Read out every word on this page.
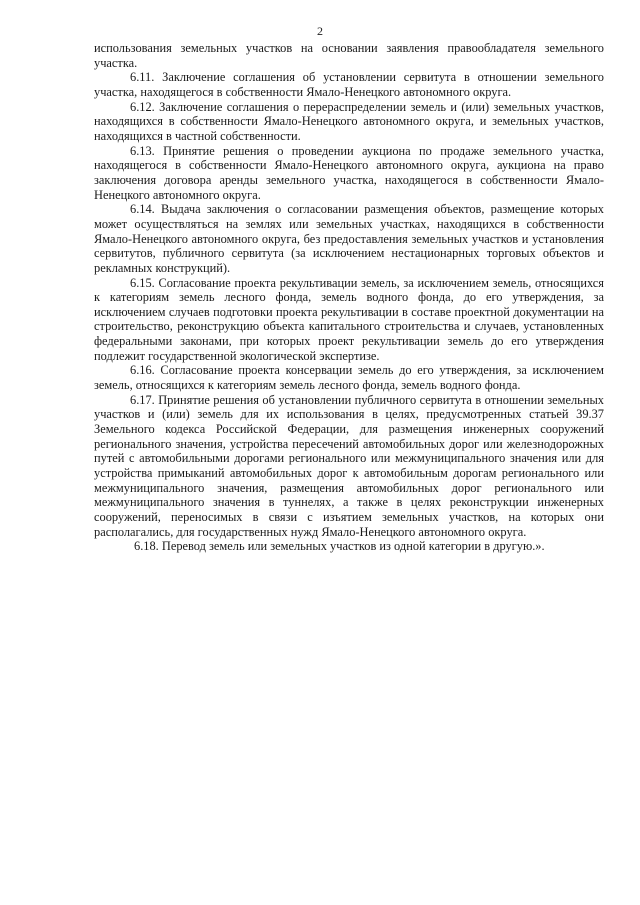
2

использования земельных участков на основании заявления правообладателя земельного участка.

6.11. Заключение соглашения об установлении сервитута в отношении земельного участка, находящегося в собственности Ямало-Ненецкого автономного округа.

6.12. Заключение соглашения о перераспределении земель и (или) земельных участков, находящихся в собственности Ямало-Ненецкого автономного округа, и земельных участков, находящихся в частной собственности.

6.13. Принятие решения о проведении аукциона по продаже земельного участка, находящегося в собственности Ямало-Ненецкого автономного округа, аукциона на право заключения договора аренды земельного участка, находящегося в собственности Ямало-Ненецкого автономного округа.

6.14. Выдача заключения о согласовании размещения объектов, размещение которых может осуществляться на землях или земельных участках, находящихся в собственности Ямало-Ненецкого автономного округа, без предоставления земельных участков и установления сервитутов, публичного сервитута (за исключением нестационарных торговых объектов и рекламных конструкций).

6.15. Согласование проекта рекультивации земель, за исключением земель, относящихся к категориям земель лесного фонда, земель водного фонда, до его утверждения, за исключением случаев подготовки проекта рекультивации в составе проектной документации на строительство, реконструкцию объекта капитального строительства и случаев, установленных федеральными законами, при которых проект рекультивации земель до его утверждения подлежит государственной экологической экспертизе.

6.16. Согласование проекта консервации земель до его утверждения, за исключением земель, относящихся к категориям земель лесного фонда, земель водного фонда.

6.17. Принятие решения об установлении публичного сервитута в отношении земельных участков и (или) земель для их использования в целях, предусмотренных статьей 39.37 Земельного кодекса Российской Федерации, для размещения инженерных сооружений регионального значения, устройства пересечений автомобильных дорог или железнодорожных путей с автомобильными дорогами регионального или межмуниципального значения или для устройства примыканий автомобильных дорог к автомобильным дорогам регионального или межмуниципального значения, размещения автомобильных дорог регионального или межмуниципального значения в туннелях, а также в целях реконструкции инженерных сооружений, переносимых в связи с изъятием земельных участков, на которых они располагались, для государственных нужд Ямало-Ненецкого автономного округа.

6.18. Перевод земель или земельных участков из одной категории в другую.».
